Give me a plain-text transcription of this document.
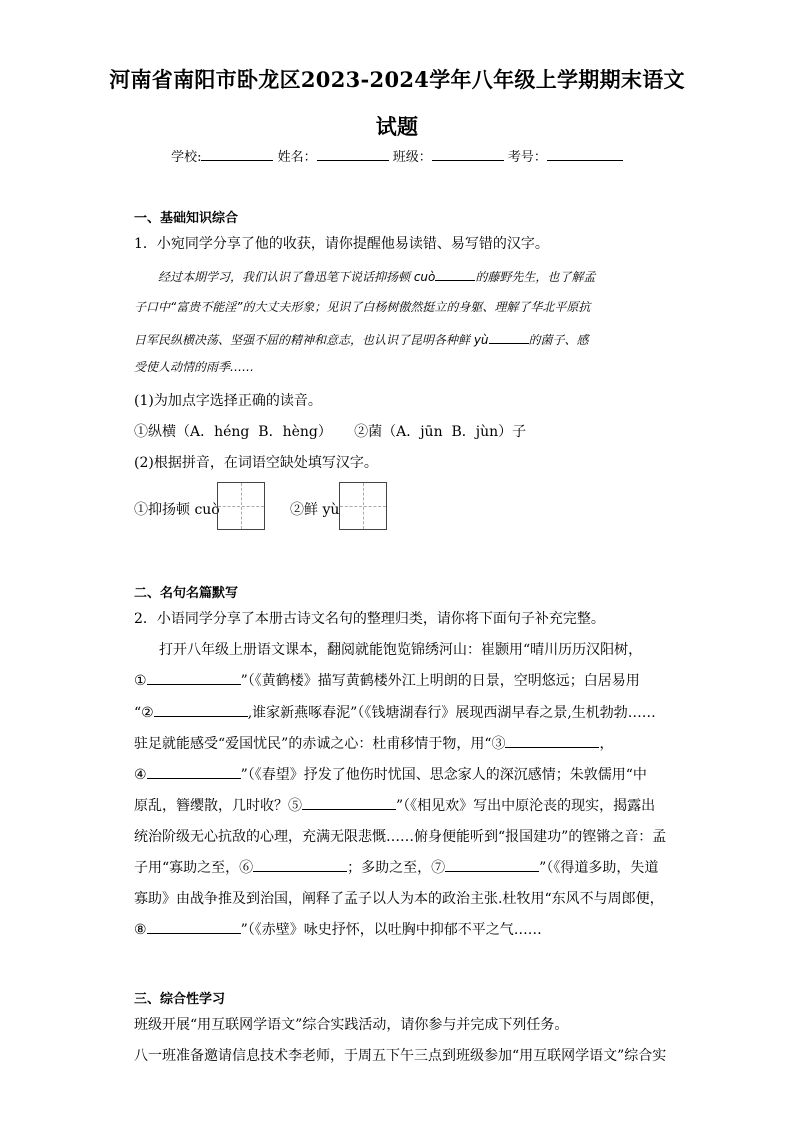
河南省南阳市卧龙区2023-2024学年八年级上学期期末语文
试题
学校:	姓名：	班级：	考号：
一、基础知识综合
1．小宛同学分享了他的收获，请你提醒他易读错、易写错的汉字。
经过本期学习，我们认识了鲁迅笔下说话抑扬顿 cuò	的藤野先生，也了解孟
子口中“富贵不能淫”的大丈夫形象；见识了白杨树傲然挺立的身躯、理解了华北平原抗
日军民纵横决荡、坚强不屈的精神和意志，也认识了昆明各种鲜 yù	的菌子、感
受使人动情的雨季……
(1)为加点字选择正确的读音。
①纵横（A．héng  B．hèng）     ②菌（A．jūn  B．jùn）子
(2)根据拼音，在词语空缺处填写汉字。
①抑扬顿 cuò	②鲜 yù
二、名句名篇默写
2．小语同学分享了本册古诗文名句的整理归类，请你将下面句子补充完整。
打开八年级上册语文课本，翻阅就能饱览锦绣河山：崔颢用“晴川历历汉阳树，
①	”（《黄鹤楼》描写黄鹤楼外江上明朗的日景，空明悠远；白居易用
“②	,谁家新燕啄春泥”（《钱塘湖春行》展现西湖早春之景,生机勃勃……
驻足就能感受“爱国忧民”的赤诚之心：杜甫移情于物，用“③	，
④	”（《春望》抒发了他伤时忧国、思念家人的深沉感情；朱敦儒用“中
原乱，簪缨散，几时收？⑤	”（《相见欢》写出中原沦丧的现实，揭露出
统治阶级无心抗敌的心理，充满无限悲慨……俯身便能听到“报国建功”的铿锵之音：孟
子用“寡助之至，⑥	；多助之至，⑦	”（《得道多助，失道
寡助》由战争推及到治国，阐释了孟子以人为本的政治主张.杜牧用“东风不与周郎便，
⑧	”（《赤壁》咏史抒怀，以吐胸中抑郁不平之气……
三、综合性学习
班级开展“用互联网学语文”综合实践活动，请你参与并完成下列任务。
八一班准备邀请信息技术李老师，于周五下午三点到班级参加“用互联网学语文”综合实
